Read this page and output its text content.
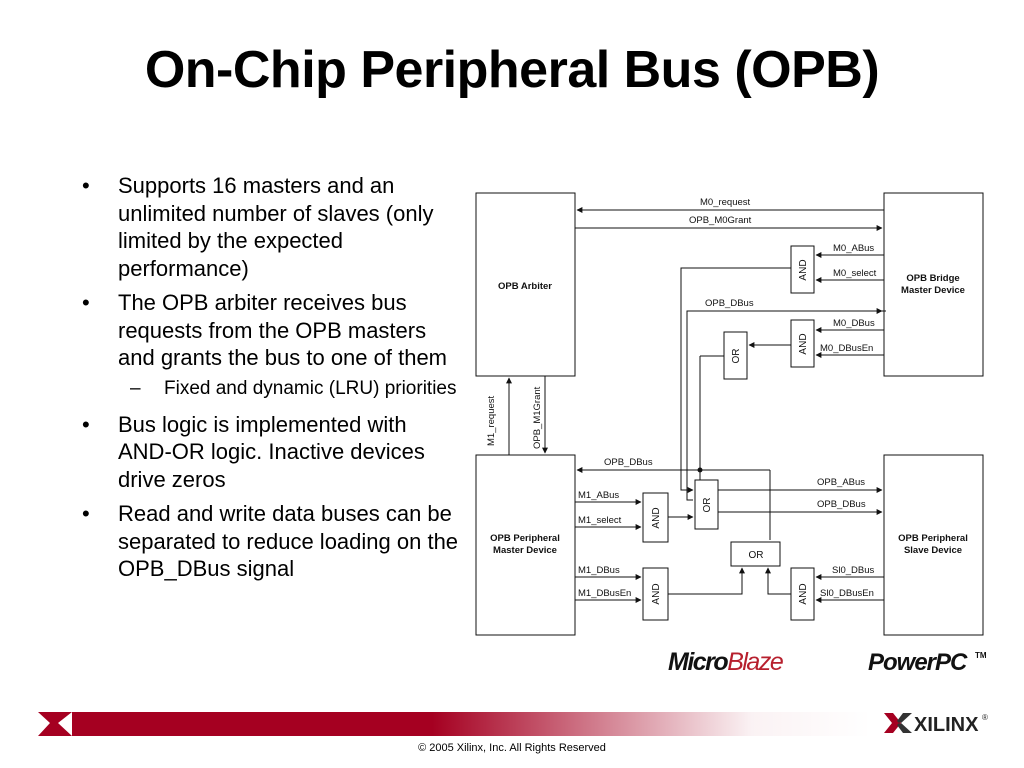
On-Chip Peripheral Bus (OPB)
• Supports 16 masters and an unlimited number of slaves (only limited by the expected performance)
• The OPB arbiter receives bus requests from the OPB masters and grants the bus to one of them
– Fixed and dynamic (LRU) priorities
• Bus logic is implemented with AND-OR logic. Inactive devices drive zeros
• Read and write data buses can be separated to reduce loading on the OPB_DBus signal
OPB Arbiter
OPB Bridge
Master Device
OPB Peripheral
Master Device
OPB Peripheral
Slave Device
AND
AND
OR
AND
OR
OR
AND	AND
M0_request
OPB_M0Grant
M0_ABus
M0_select
OPB_DBus
M0_DBus
M0_DBusEn
M1_request	OPB_M1Grant
OPB_DBus
M1_ABus
M1_select
M1_DBus
M1_DBusEn
OPB_ABus
OPB_DBus
Sl0_DBus
Sl0_DBusEn
MicroBlaze	PowerPC TM
XILINX ®
© 2005 Xilinx, Inc. All Rights Reserved
